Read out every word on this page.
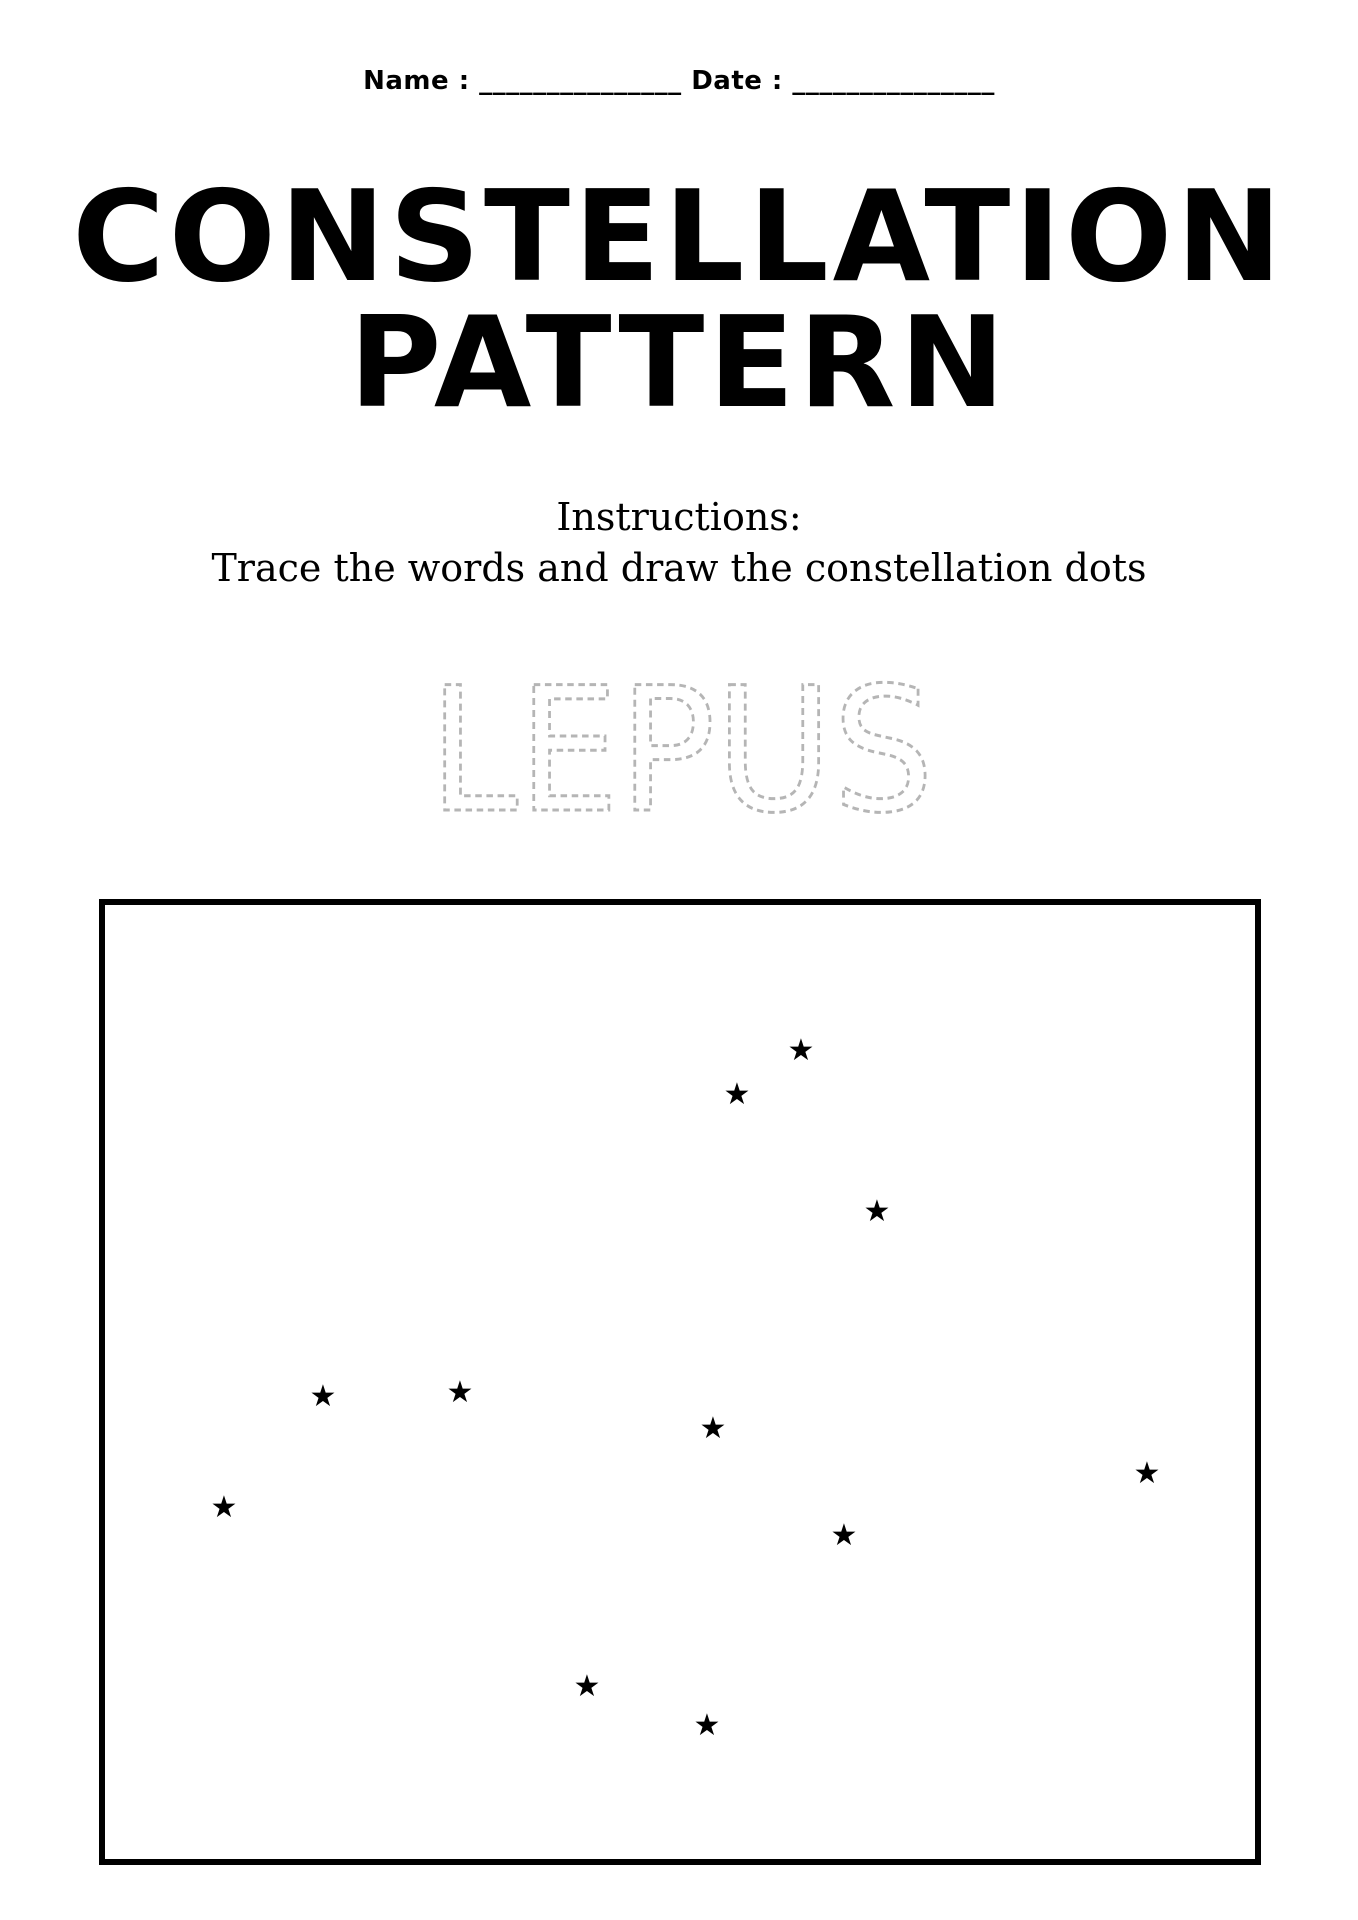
Name : _______________ Date : _______________
CONSTELLATION
PATTERN
Instructions:
Trace the words and draw the constellation dots
LEPUS
★
★
★
★	★
★
★
★
★
★
★
